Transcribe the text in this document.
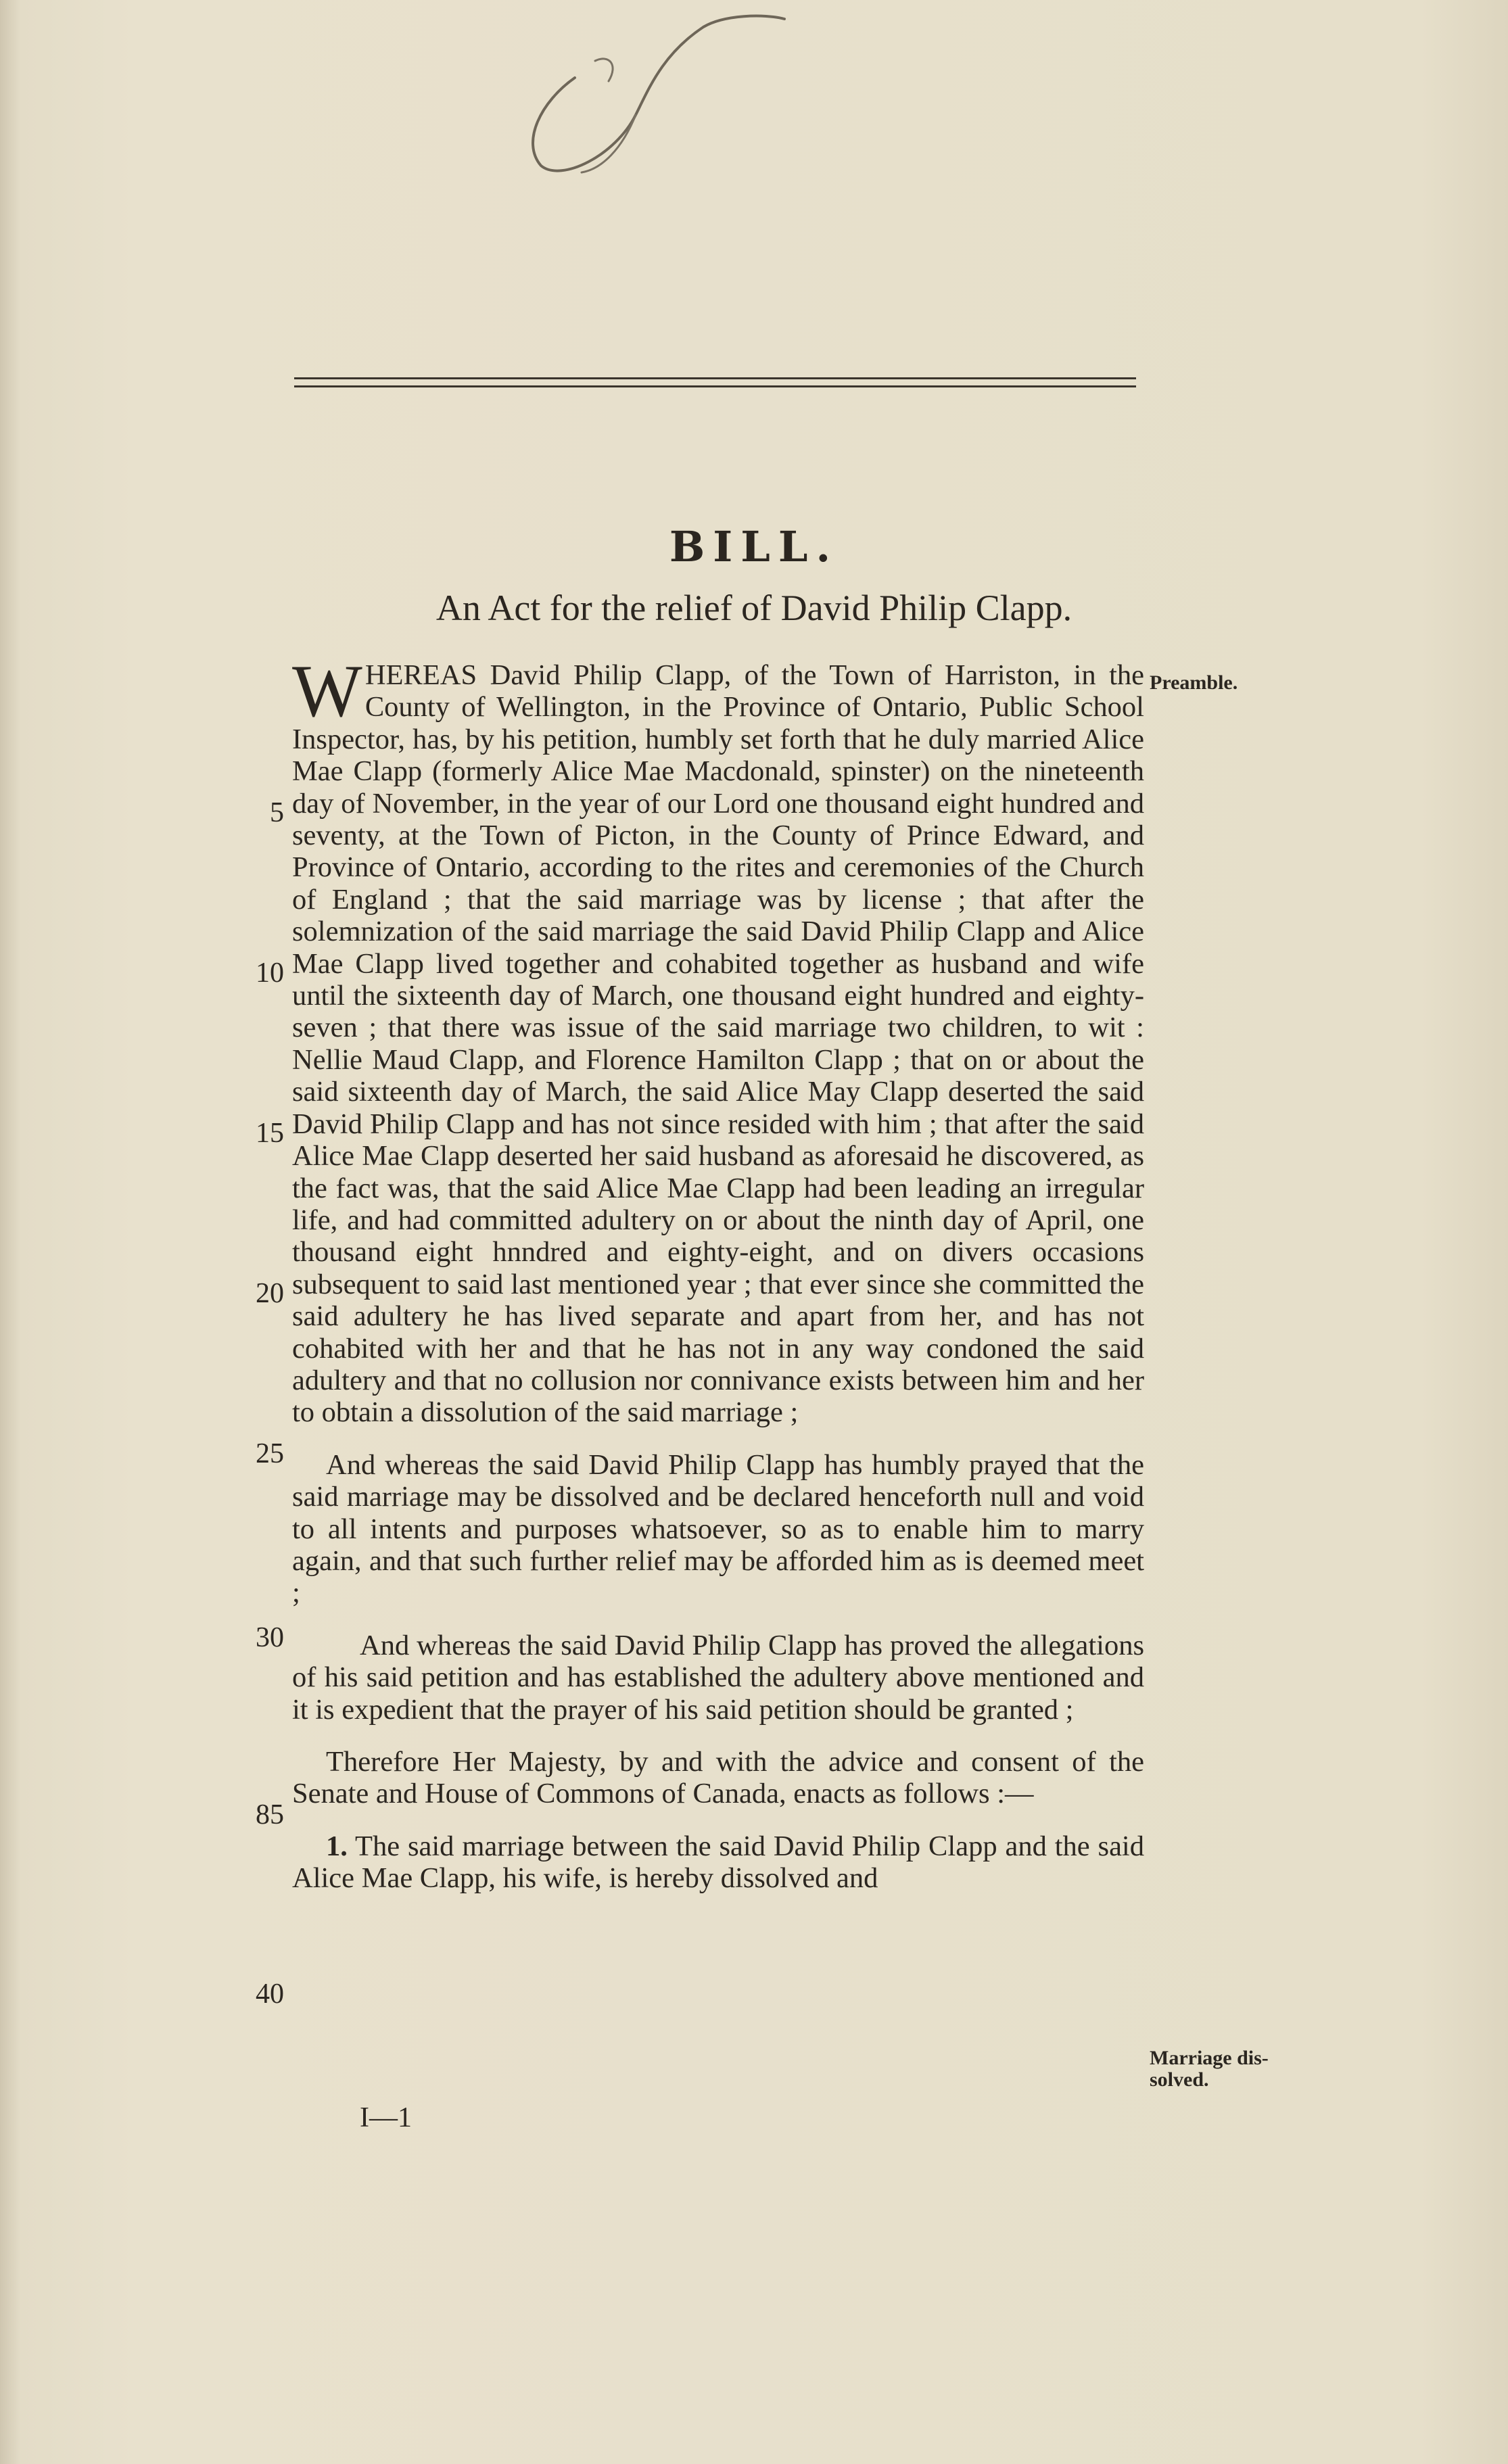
BILL.
An Act for the relief of David Philip Clapp.
Preamble.
Marriage dis-solved.
5
10
15
20
25
30
85
40

WHEREAS David Philip Clapp, of the Town of Harriston, in the County of Wellington, in the Province of Ontario, Public School Inspector, has, by his petition, humbly set forth that he duly married Alice Mae Clapp (formerly Alice Mae Macdonald, spinster) on the nineteenth day of November, in the year of our Lord one thousand eight hundred and seventy, at the Town of Picton, in the County of Prince Edward, and Province of Ontario, according to the rites and ceremonies of the Church of England ; that the said marriage was by license ; that after the solemnization of the said marriage the said David Philip Clapp and Alice Mae Clapp lived together and cohabited together as husband and wife until the sixteenth day of March, one thousand eight hundred and eighty-seven ; that there was issue of the said marriage two children, to wit : Nellie Maud Clapp, and Florence Hamilton Clapp ; that on or about the said sixteenth day of March, the said Alice May Clapp deserted the said David Philip Clapp and has not since resided with him ; that after the said Alice Mae Clapp deserted her said husband as aforesaid he discovered, as the fact was, that the said Alice Mae Clapp had been leading an irregular life, and had committed adultery on or about the ninth day of April, one thousand eight hnndred and eighty-eight, and on divers occasions subsequent to said last mentioned year ; that ever since she committed the said adultery he has lived separate and apart from her, and has not cohabited with her and that he has not in any way condoned the said adultery and that no collusion nor connivance exists between him and her to obtain a dissolution of the said marriage ;

And whereas the said David Philip Clapp has humbly prayed that the said marriage may be dissolved and be declared henceforth null and void to all intents and purposes whatsoever, so as to enable him to marry again, and that such further relief may be afforded him as is deemed meet ;

And whereas the said David Philip Clapp has proved the allegations of his said petition and has established the adultery above mentioned and it is expedient that the prayer of his said petition should be granted ;

Therefore Her Majesty, by and with the advice and consent of the Senate and House of Commons of Canada, enacts as follows :—

1. The said marriage between the said David Philip Clapp and the said Alice Mae Clapp, his wife, is hereby dissolved and

I—1
